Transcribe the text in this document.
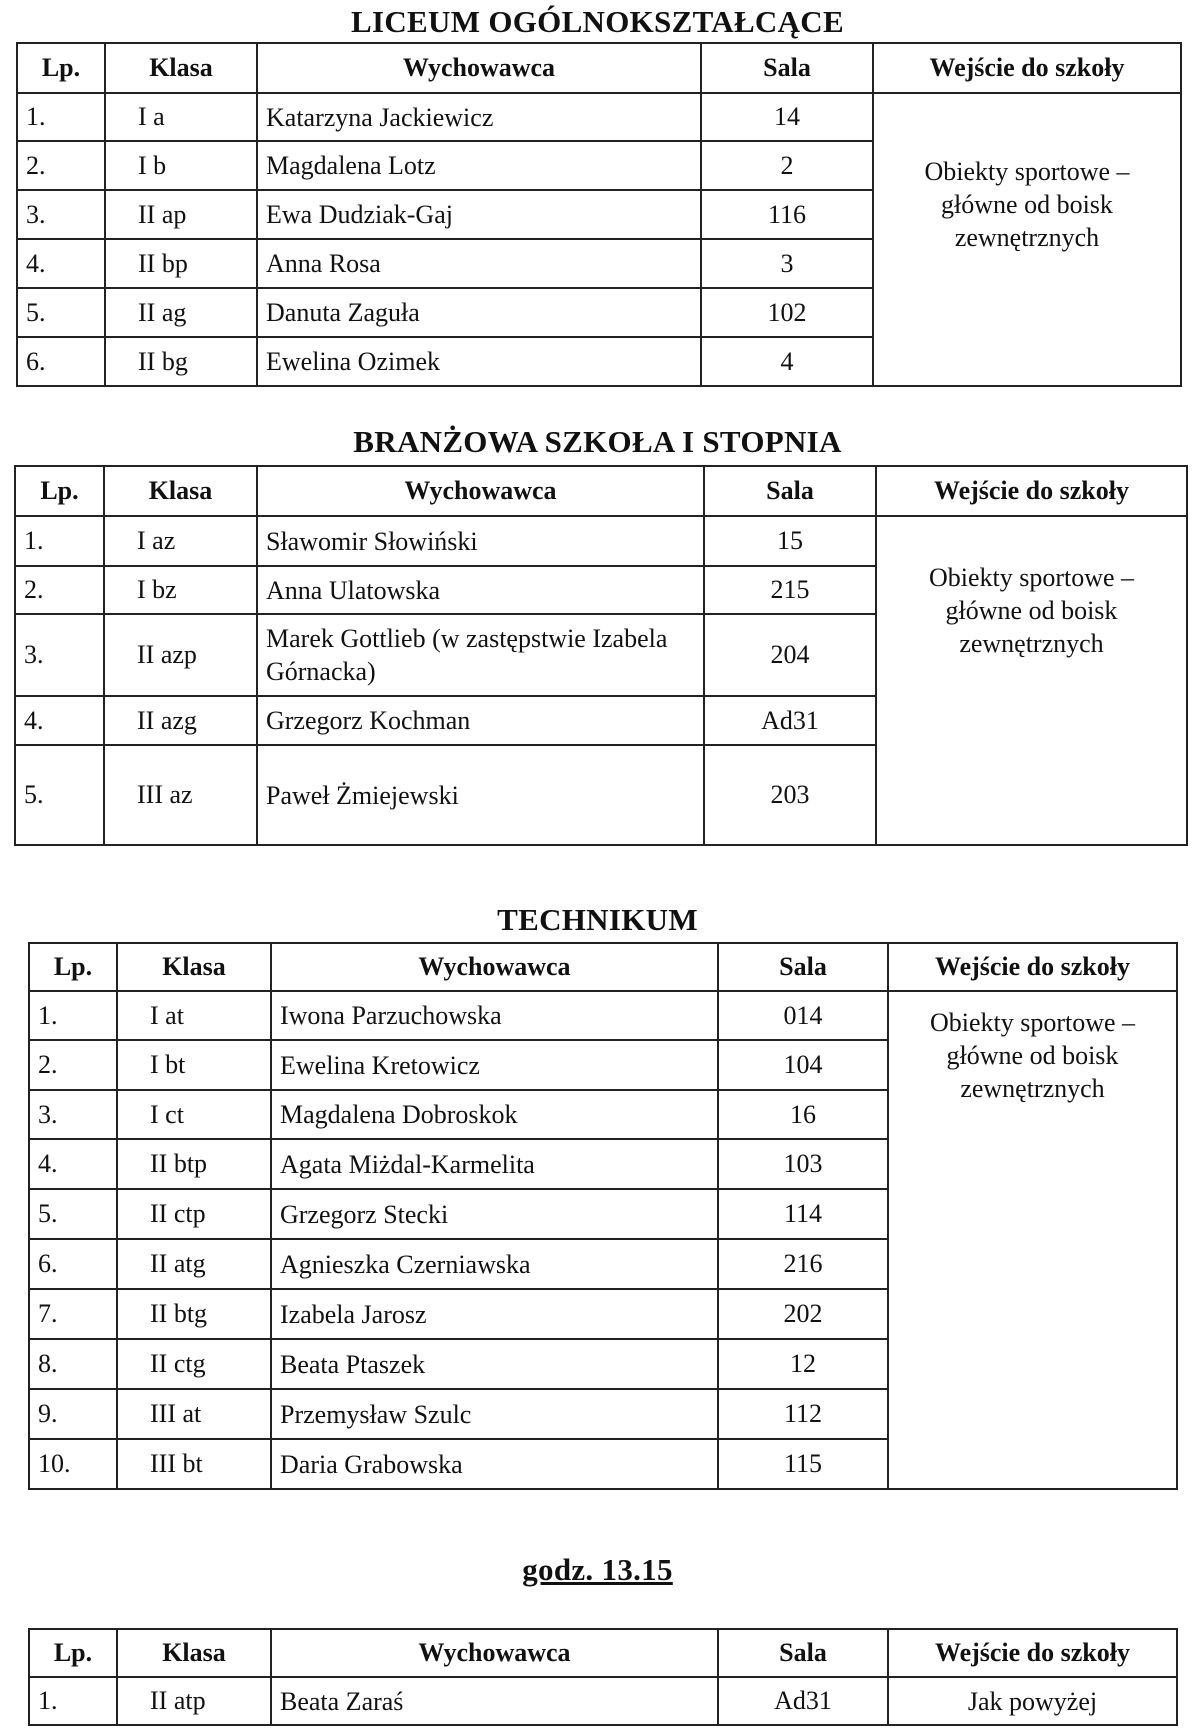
LICEUM OGÓLNOKSZTAŁCĄCE
Lp.	Klasa	Wychowawca	Sala	Wejście do szkoły
1.	I a	Katarzyna Jackiewicz	14	Obiekty sportowe – główne od boisk zewnętrznych

2.	I b	Magdalena Lotz	2	
3.	II ap	Ewa Dudziak-Gaj	116	
4.	II bp	Anna Rosa	3	
5.	II ag	Danuta Zaguła	102	
6.	II bg	Ewelina Ozimek	4	
BRANŻOWA SZKOŁA I STOPNIA
Lp.	Klasa	Wychowawca	Sala	Wejście do szkoły
1.	I az	Sławomir Słowiński	15	Obiekty sportowe – główne od boisk zewnętrznych

2.	I bz	Anna Ulatowska	215	
3.	II azp	Marek Gottlieb (w zastępstwie Izabela Górnacka)	204	
4.	II azg	Grzegorz Kochman	Ad31	
5.	III az	Paweł Żmiejewski	203	
TECHNIKUM
Lp.	Klasa	Wychowawca	Sala	Wejście do szkoły
1.	I at	Iwona Parzuchowska	014	Obiekty sportowe – główne od boisk zewnętrznych

2.	I bt	Ewelina Kretowicz	104	
3.	I ct	Magdalena Dobroskok	16	
4.	II btp	Agata Miżdal-Karmelita	103	
5.	II ctp	Grzegorz Stecki	114	
6.	II atg	Agnieszka Czerniawska	216	
7.	II btg	Izabela Jarosz	202	
8.	II ctg	Beata Ptaszek	12	
9.	III at	Przemysław Szulc	112	
10.	III bt	Daria Grabowska	115	
godz. 13.15
Lp.	Klasa	Wychowawca	Sala	Wejście do szkoły
1.	II atp	Beata Zaraś	Ad31	Jak powyżej
